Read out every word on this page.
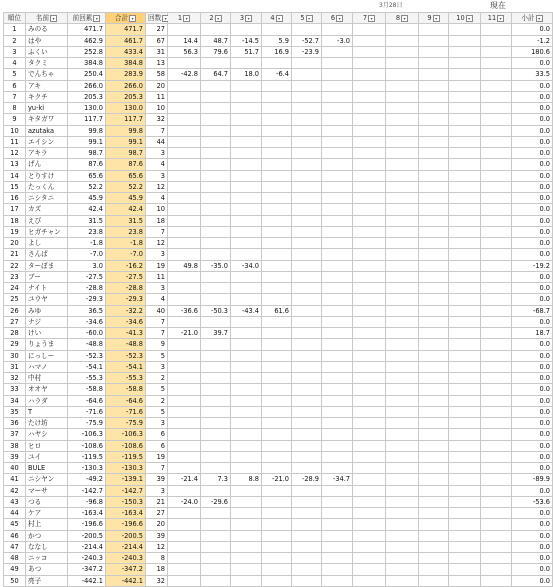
3月28日	現在
順位	名前 ▾	前回累 ▾	合計 ▾	回数 ▾	1 ▾	2 ▾	3 ▾	4 ▾	5 ▾	6 ▾	7 ▾	8 ▾	9 ▾	10 ▾	11 ▾	小計 ▾
1	みのる	471.7	471.7	27												0.0
2	はや	462.9	461.7	67	14.4	48.7	-14.5	5.9	-52.7	-3.0						-1.2
3	ふくい	252.8	433.4	31	56.3	79.6	51.7	16.9	-23.9							180.6
4	タクミ	384.8	384.8	13												0.0
5	でんちゃ	250.4	283.9	58	-42.8	64.7	18.0	-6.4								33.5
6	アキ	266.0	266.0	20												0.0
7	キクチ	205.3	205.3	11												0.0
8	yu-ki	130.0	130.0	10												0.0
9	キタガワ	117.7	117.7	32												0.0
10	azutaka	99.8	99.8	7												0.0
11	エイシン	99.1	99.1	44												0.0
12	アキラ	98.7	98.7	3												0.0
13	げん	87.6	87.6	4												0.0
14	とりすけ	65.6	65.6	3												0.0
15	たっくん	52.2	52.2	12												0.0
16	ニシタニ	45.9	45.9	4												0.0
17	カズ	42.4	42.4	10												0.0
18	えび	31.5	31.5	18												0.0
19	ヒガチャン	23.8	23.8	7												0.0
20	よし	-1.8	-1.8	12												0.0
21	さんぱ	-7.0	-7.0	3												0.0
22	ターぼま	3.0	-16.2	19	49.8	-35.0	-34.0									-19.2
23	ブー	-27.5	-27.5	11												0.0
24	ナイト	-28.8	-28.8	3												0.0
25	ユウヤ	-29.3	-29.3	4												0.0
26	みゆ	36.5	-32.2	40	-36.6	-50.3	-43.4	61.6								-68.7
27	ナジ	-34.6	-34.6	7												0.0
28	けい	-60.0	-41.3	7	-21.0	39.7										18.7
29	りょうま	-48.8	-48.8	9												0.0
30	にっしー	-52.3	-52.3	5												0.0
31	ハマノ	-54.1	-54.1	3												0.0
32	中村	-55.3	-55.3	2												0.0
33	オオヤ	-58.8	-58.8	5												0.0
34	ハラダ	-64.6	-64.6	2												0.0
35	T	-71.6	-71.6	5												0.0
36	たけ坊	-75.9	-75.9	3												0.0
37	ハヤシ	-106.3	-106.3	6												0.0
38	ヒロ	-108.6	-108.6	6												0.0
39	ユイ	-119.5	-119.5	19												0.0
40	BULE	-130.3	-130.3	7												0.0
41	ニシヤン	-49.2	-139.1	39	-21.4	7.3	8.8	-21.0	-28.9	-34.7						-89.9
42	マーサ	-142.7	-142.7	3												0.0
43	つる	-96.8	-150.3	21	-24.0	-29.6										-53.6
44	ケア	-163.4	-163.4	27												0.0
45	村上	-196.6	-196.6	20												0.0
46	かつ	-200.5	-200.5	39												0.0
47	ななし	-214.4	-214.4	12												0.0
48	ニッコ	-240.3	-240.3	8												0.0
49	あつ	-347.2	-347.2	18												0.0
50	亮子	-442.1	-442.1	32												0.0
